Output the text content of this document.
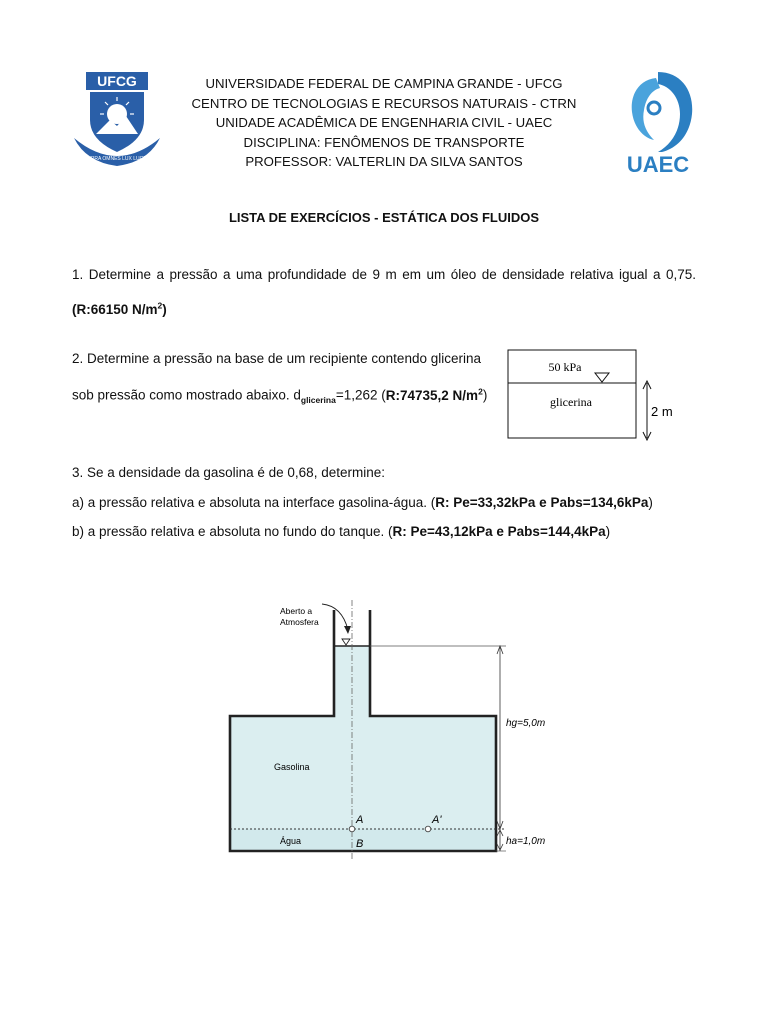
UFCG
SUPRA OMNES LUX LUCES
UNIVERSIDADE FEDERAL DE CAMPINA GRANDE - UFCG
CENTRO DE TECNOLOGIAS E RECURSOS NATURAIS - CTRN
UNIDADE ACADÊMICA DE ENGENHARIA CIVIL - UAEC
DISCIPLINA: FENÔMENOS DE TRANSPORTE
PROFESSOR: VALTERLIN DA SILVA SANTOS	UAEC
LISTA DE EXERCÍCIOS - ESTÁTICA DOS FLUIDOS
1. Determine a pressão a uma profundidade de 9 m em um óleo de densidade relativa igual a 0,75.
(R:66150 $N/m^2$)
2. Determine a pressão na base de um recipiente contendo glicerina
sob pressão como mostrado abaixo. $d_{glicerina}=1,262$ (R:74735,2 $N/m^2$)
50 kPa
glicerina
2 m
3. Se a densidade da gasolina é de 0,68, determine:
a) a pressão relativa e absoluta na interface gasolina-água. (R: Pe=33,32kPa e Pabs=134,6kPa)
b) a pressão relativa e absoluta no fundo do tanque. (R: Pe=43,12kPa e Pabs=144,4kPa)
A	A'
B
Gasolina
Água
Aberto a
Atmosfera
hg=5,0m
ha=1,0m
